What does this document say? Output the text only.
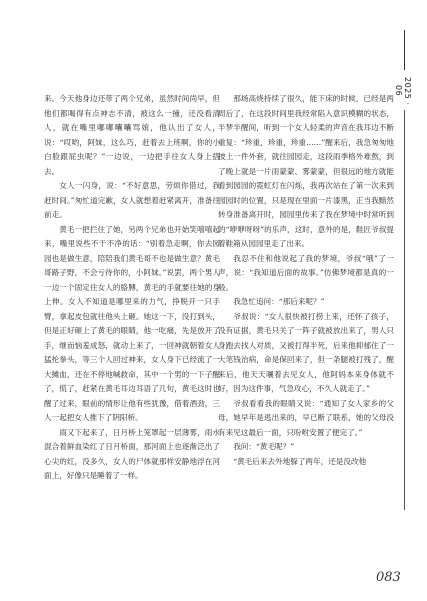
2025 · 06

来。今天他身边还带了两个兄弟，虽然时间尚早，但他们都喝得有点神志不清，被这么一撞，还没看清人，就在嘴里嘟嘟囔囔骂娘，他认出了女人，说：“哎哟，阿妹，这么巧，赶着去上班啊，你的小白脸跟屁虫呢？”一边说，一边把手往女人身上搭去。

女人一闪身，说：“不好意思，劳烦你借过，我赶时间。”匆忙道完歉，女人就想着赶紧离开，准备往前走。

黄毛一把拦住了她，另两个兄弟也开始笑嘻嘻起来，嘴里说些不干不净的话：“别着急走啊，你去园园也是做生意，陪陪我们黄毛哥不也是做生意？黄毛哥路子野，不会亏待你的，小阿妹。”说罢，两个男人一边一个固定住女人的胳膊，黄毛的手就要往她的身上伸。女人不知道是哪里来的力气，挣脱开一只手臂，拿起皮包就往他头上砸。她这一下，没打到头，但是正好砸上了黄毛的眼睛，他一吃痛，先是放开了手，继而恼羞成怒，就动上来了，一回神就朝着女人猛抡拳头，等三个人回过神来，女人身下已经流了一大摊血，还在不停地喊救命，其中一个男的一下子醒了，慌了，赶紧在黄毛耳边耳语了几句，黄毛这时也醒了过来，眼前的情形让他有些犹豫，借着酒劲，三人一起把女人推下了阴阳桥。

雨又下起来了，日月桥上笼罩起一层薄雾，雨水混合着鲜血染红了日月桥面，那河面上也逐渐泛出了心尖的红，没多久，女人的尸体就那样安静地浮在河面上，好像只是睡着了一样。

那场高烧持续了很久，能下床的时候，已经是两周后了，在这段时间里我经常陷入意识模糊的状态，半梦半醒间，听到一个女人轻柔的声音在我耳边不断重复：“珍重，珍重，珍重……”醒来后，我急匆匆地披上一件外套，就往园园走，这段雨季格外难熬，到了晚上就是一片雨蒙蒙、雾蒙蒙，但很远的地方就能看到园园的霓虹灯在闪烁，我再次站在了第一次来到园园时的位置，只是现在里面一片漆黑，正当我黯然转身准备离开时，园园里传来了我在梦境中时常听到的“咿咿呀呀”的乐声，这时，意外的是，鞋匠爷叔提着鞋箱从园园里走了出来。

我忍不住和他说起了我的梦境，爷叔“哦”了一声，说：“我知道后面的故事。”仿佛梦境都是真的一般。

我急忙追问：“那后来呢？”

爷叔说：“女人很快被打捞上来，还怀了孩子，没有证据，黄毛只关了一阵子就被放出来了，男人只身跑去找人对质，又被打得半死，后来他抑郁住了一大笔钱治病，命是保回来了，但一条腿被打残了，醒来后，他天天嚷着去见女人，他阿妈本来身体就不好，因为这件事，气急攻心，不久人就走了。”

爷叔看看我的眼睛又说：“通知了女人家乡的父母，她早年是逃出来的，早已断了联系，她的父母没有来见这最后一面，只吩咐安置了便完了。”

我问：“黄毛呢？”

“黄毛后来去外地躲了两年，还是没改他

083
